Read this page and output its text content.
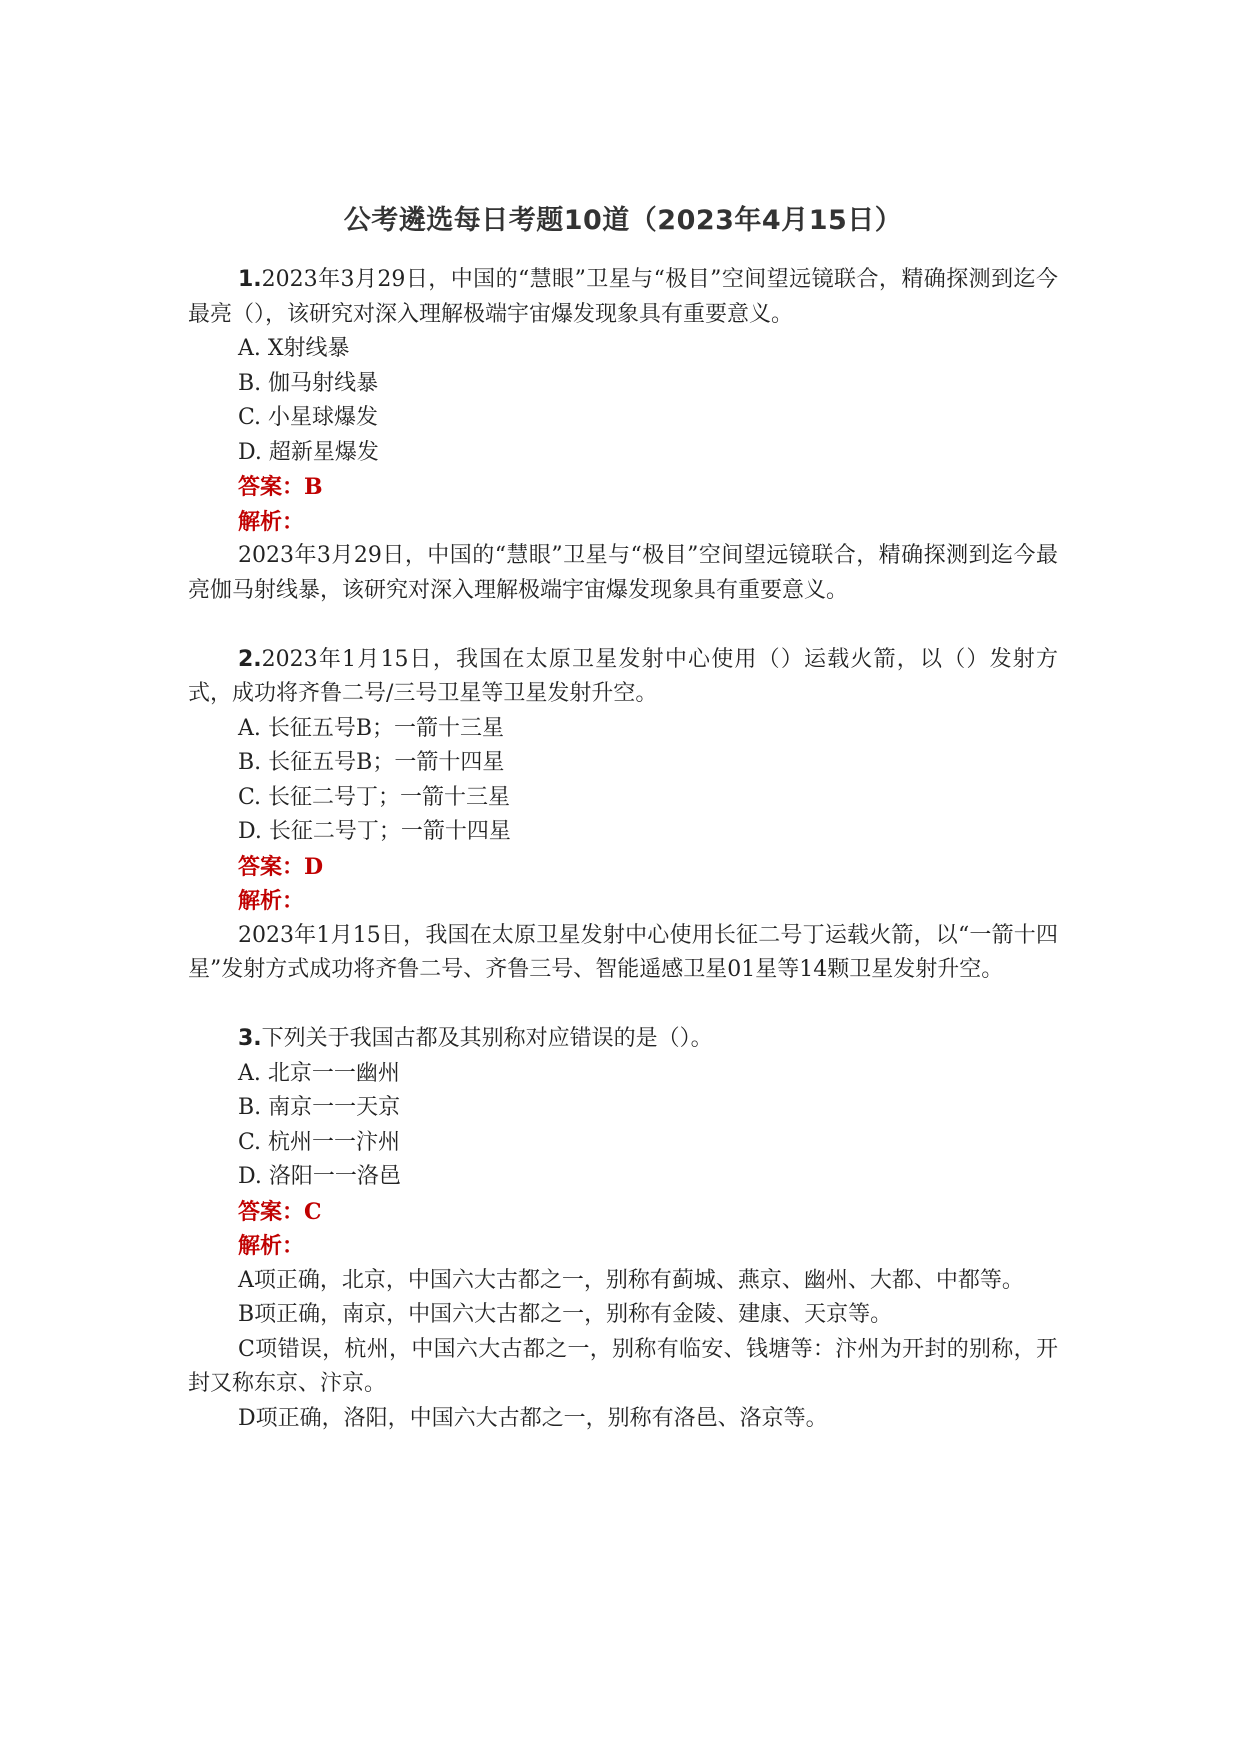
公考遴选每日考题10道（2023年4月15日）

1.2023年3月29日，中国的“慧眼”卫星与“极目”空间望远镜联合，精确探测到迄今最亮（），该研究对深入理解极端宇宙爆发现象具有重要意义。

A. X射线暴

B. 伽马射线暴

C. 小星球爆发

D. 超新星爆发

答案：B

解析：

2023年3月29日，中国的“慧眼”卫星与“极目”空间望远镜联合，精确探测到迄今最亮伽马射线暴，该研究对深入理解极端宇宙爆发现象具有重要意义。

2.2023年1月15日，我国在太原卫星发射中心使用（）运载火箭，以（）发射方式，成功将齐鲁二号/三号卫星等卫星发射升空。

A. 长征五号B；一箭十三星

B. 长征五号B；一箭十四星

C. 长征二号丁；一箭十三星

D. 长征二号丁；一箭十四星

答案：D

解析：

2023年1月15日，我国在太原卫星发射中心使用长征二号丁运载火箭，以“一箭十四星”发射方式成功将齐鲁二号、齐鲁三号、智能遥感卫星01星等14颗卫星发射升空。

3.下列关于我国古都及其别称对应错误的是（）。

A. 北京一一幽州

B. 南京一一天京

C. 杭州一一汴州

D. 洛阳一一洛邑

答案：C

解析：

A项正确，北京，中国六大古都之一，别称有蓟城、燕京、幽州、大都、中都等。

B项正确，南京，中国六大古都之一，别称有金陵、建康、天京等。

C项错误，杭州，中国六大古都之一，别称有临安、钱塘等：汴州为开封的别称，开封又称东京、汴京。

D项正确，洛阳，中国六大古都之一，别称有洛邑、洛京等。
